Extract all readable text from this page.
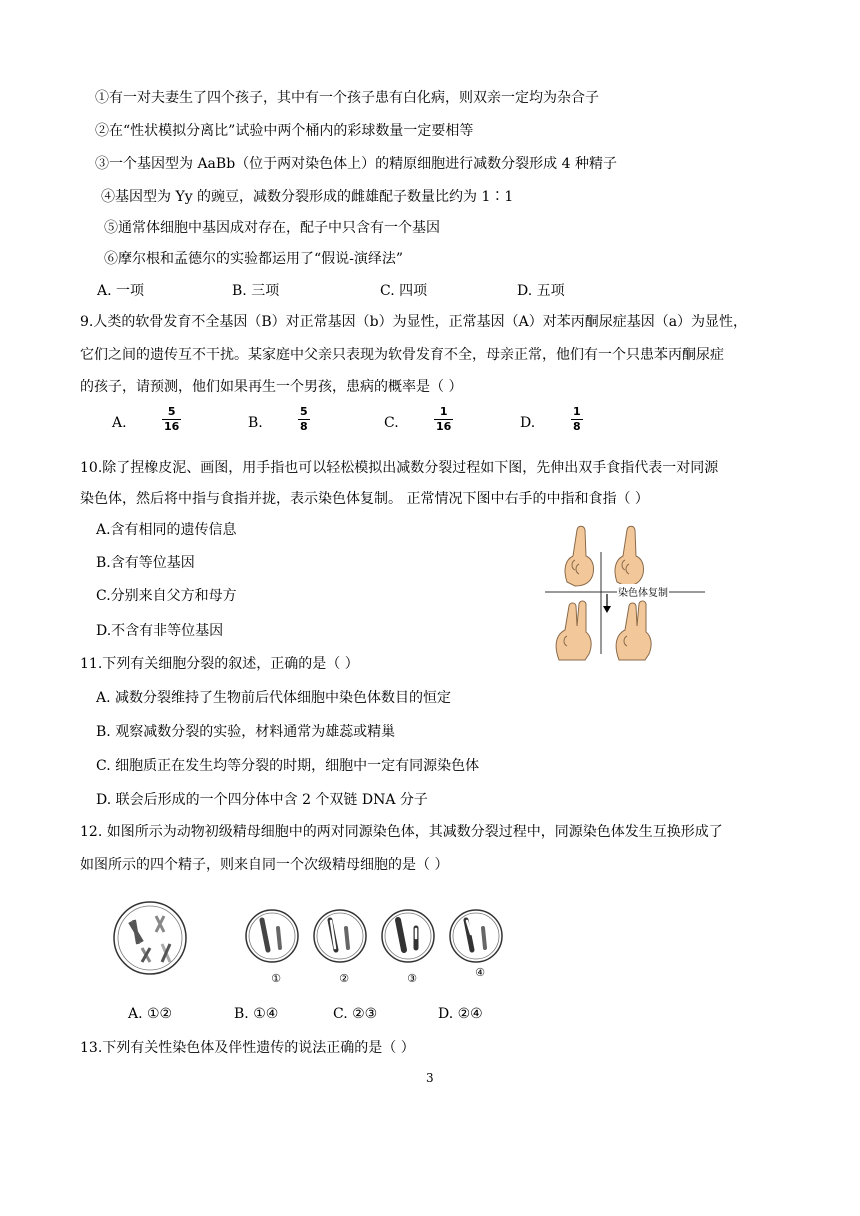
①有一对夫妻生了四个孩子，其中有一个孩子患有白化病，则双亲一定均为杂合子
②在“性状模拟分离比”试验中两个桶内的彩球数量一定要相等
③一个基因型为 AaBb（位于两对染色体上）的精原细胞进行减数分裂形成 4 种精子
④基因型为 Yy 的豌豆，减数分裂形成的雌雄配子数量比约为 1∶1
⑤通常体细胞中基因成对存在，配子中只含有一个基因
⑥摩尔根和孟德尔的实验都运用了“假说-演绎法”
A. 一项	B. 三项	C. 四项	D. 五项
9.人类的软骨发育不全基因（B）对正常基因（b）为显性，正常基因（A）对苯丙酮尿症基因（a）为显性，
它们之间的遗传互不干扰。某家庭中父亲只表现为软骨发育不全，母亲正常，他们有一个只患苯丙酮尿症
的孩子，请预测，他们如果再生一个男孩，患病的概率是（ ）
A.
5
16	B.
5
8	C.
1
16	D.
1
8
10.除了捏橡皮泥、画图，用手指也可以轻松模拟出减数分裂过程如下图，先伸出双手食指代表一对同源
染色体，然后将中指与食指并拢，表示染色体复制。 正常情况下图中右手的中指和食指（ ）
A.含有相同的遗传信息
B.含有等位基因
C.分别来自父方和母方
D.不含有非等位基因
染色体复制
11.下列有关细胞分裂的叙述，正确的是（ ）
A. 减数分裂维持了生物前后代体细胞中染色体数目的恒定
B. 观察减数分裂的实验，材料通常为雄蕊或精巢
C. 细胞质正在发生均等分裂的时期，细胞中一定有同源染色体
D. 联会后形成的一个四分体中含 2 个双链 DNA 分子
12. 如图所示为动物初级精母细胞中的两对同源染色体，其减数分裂过程中，同源染色体发生互换形成了
如图所示的四个精子，则来自同一个次级精母细胞的是（ ）
①	②	③	④
A. ①②	B. ①④	C. ②③	D. ②④
13.下列有关性染色体及伴性遗传的说法正确的是（ ）
3
